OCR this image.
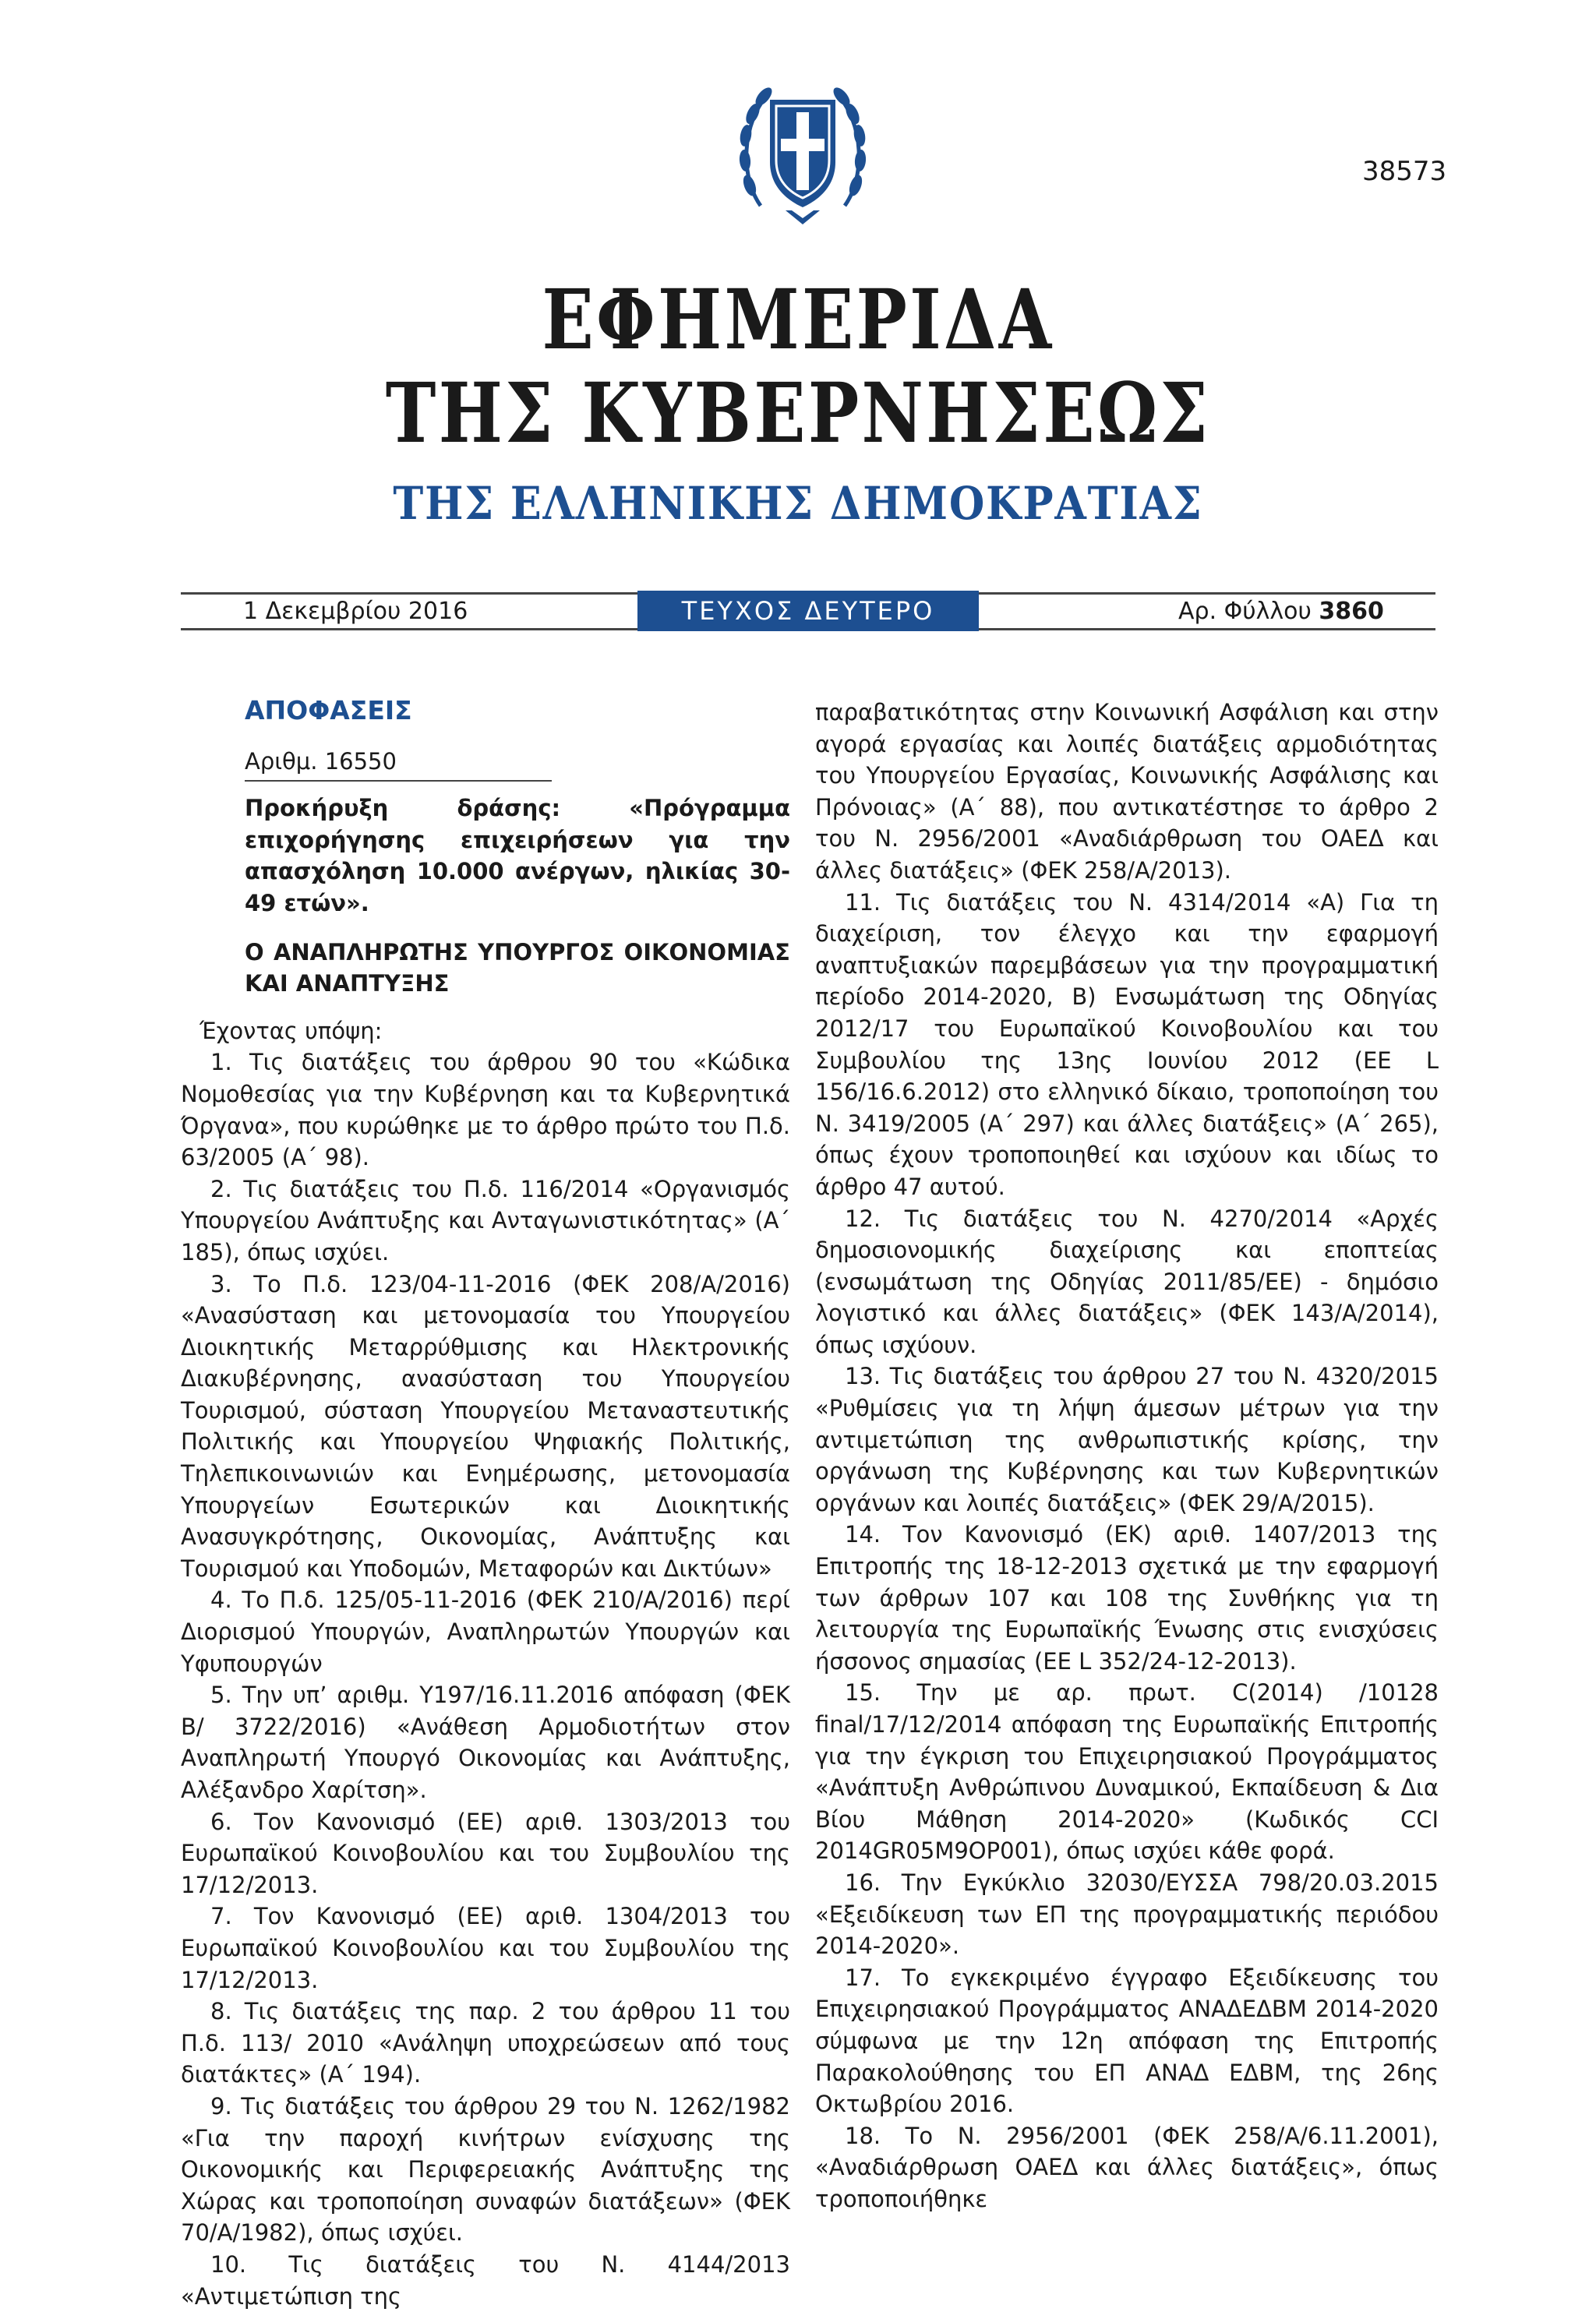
38573
ΕΦΗΜΕΡΙΔΑ
ΤΗΣ ΚΥΒΕΡΝΗΣΕΩΣ
ΤΗΣ ΕΛΛΗΝΙΚΗΣ ΔΗΜΟΚΡΑΤΙΑΣ
1 Δεκεμβρίου 2016	ΤΕΥΧΟΣ ΔΕΥΤΕΡΟ	Αρ. Φύλλου 3860

ΑΠΟΦΑΣΕΙΣ

Αριθμ. 16550

Προκήρυξη δράσης: «Πρόγραμμα επιχορήγησης επιχειρήσεων για την απασχόληση 10.000 ανέργων, ηλικίας 30-49 ετών».

Ο ΑΝΑΠΛΗΡΩΤΗΣ ΥΠΟΥΡΓΟΣ ΟΙΚΟΝΟΜΙΑΣ ΚΑΙ ΑΝΑΠΤΥΞΗΣ

Έχοντας υπόψη:

1. Τις διατάξεις του άρθρου 90 του «Κώδικα Νομοθεσίας για την Κυβέρνηση και τα Κυβερνητικά Όργανα», που κυρώθηκε με το άρθρο πρώτο του Π.δ. 63/2005 (Α΄ 98).

2. Τις διατάξεις του Π.δ. 116/2014 «Οργανισμός Υπουργείου Ανάπτυξης και Ανταγωνιστικότητας» (Α΄ 185), όπως ισχύει.

3. Το Π.δ. 123/04-11-2016 (ΦΕΚ 208/Α/2016) «Ανασύσταση και μετονομασία του Υπουργείου Διοικητικής Μεταρρύθμισης και Ηλεκτρονικής Διακυβέρνησης, ανασύσταση του Υπουργείου Τουρισμού, σύσταση Υπουργείου Μεταναστευτικής Πολιτικής και Υπουργείου Ψηφιακής Πολιτικής, Τηλεπικοινωνιών και Ενημέρωσης, μετονομασία Υπουργείων Εσωτερικών και Διοικητικής Ανασυγκρότησης, Οικονομίας, Ανάπτυξης και Τουρισμού και Υποδομών, Μεταφορών και Δικτύων»

4. Το Π.δ. 125/05-11-2016 (ΦΕΚ 210/Α/2016) περί Διορισμού Υπουργών, Αναπληρωτών Υπουργών και Υφυπουργών

5. Την υπ’ αριθμ. Υ197/16.11.2016 απόφαση (ΦΕΚ Β/ 3722/2016) «Ανάθεση Αρμοδιοτήτων στον Αναπληρωτή Υπουργό Οικονομίας και Ανάπτυξης, Αλέξανδρο Χαρίτση».

6. Τον Κανονισμό (ΕΕ) αριθ. 1303/2013 του Ευρωπαϊκού Κοινοβουλίου και του Συμβουλίου της 17/12/2013.

7. Τον Κανονισμό (ΕΕ) αριθ. 1304/2013 του Ευρωπαϊκού Κοινοβουλίου και του Συμβουλίου της 17/12/2013.

8. Τις διατάξεις της παρ. 2 του άρθρου 11 του Π.δ. 113/ 2010 «Ανάληψη υποχρεώσεων από τους διατάκτες» (Α΄ 194).

9. Τις διατάξεις του άρθρου 29 του Ν. 1262/1982 «Για την παροχή κινήτρων ενίσχυσης της Οικονομικής και Περιφερειακής Ανάπτυξης της Χώρας και τροποποίηση συναφών διατάξεων» (ΦΕΚ 70/Α/1982), όπως ισχύει.

10. Τις διατάξεις του Ν. 4144/2013 «Αντιμετώπιση της

παραβατικότητας στην Κοινωνική Ασφάλιση και στην αγορά εργασίας και λοιπές διατάξεις αρμοδιότητας του Υπουργείου Εργασίας, Κοινωνικής Ασφάλισης και Πρόνοιας» (Α΄ 88), που αντικατέστησε το άρθρο 2 του Ν. 2956/2001 «Αναδιάρθρωση του ΟΑΕΔ και άλλες διατάξεις» (ΦΕΚ 258/Α/2013).

11. Τις διατάξεις του Ν. 4314/2014 «Α) Για τη διαχείριση, τον έλεγχο και την εφαρμογή αναπτυξιακών παρεμβάσεων για την προγραμματική περίοδο 2014-2020, Β) Ενσωμάτωση της Οδηγίας 2012/17 του Ευρωπαϊκού Κοινοβουλίου και του Συμβουλίου της 13ης Ιουνίου 2012 (EE L 156/16.6.2012) στο ελληνικό δίκαιο, τροποποίηση του Ν. 3419/2005 (Α΄ 297) και άλλες διατάξεις» (Α΄ 265), όπως έχουν τροποποιηθεί και ισχύουν και ιδίως το άρθρο 47 αυτού.

12. Τις διατάξεις του Ν. 4270/2014 «Αρχές δημοσιονομικής διαχείρισης και εποπτείας (ενσωμάτωση της Οδηγίας 2011/85/ΕΕ) - δημόσιο λογιστικό και άλλες διατάξεις» (ΦΕΚ 143/Α/2014), όπως ισχύουν.

13. Τις διατάξεις του άρθρου 27 του Ν. 4320/2015 «Ρυθμίσεις για τη λήψη άμεσων μέτρων για την αντιμετώπιση της ανθρωπιστικής κρίσης, την οργάνωση της Κυβέρνησης και των Κυβερνητικών οργάνων και λοιπές διατάξεις» (ΦΕΚ 29/Α/2015).

14. Τον Κανονισμό (ΕΚ) αριθ. 1407/2013 της Επιτροπής της 18-12-2013 σχετικά με την εφαρμογή των άρθρων 107 και 108 της Συνθήκης για τη λειτουργία της Ευρωπαϊκής Ένωσης στις ενισχύσεις ήσσονος σημασίας (ΕΕ L 352/24-12-2013).

15. Την με αρ. πρωτ. C(2014) /10128 final/17/12/2014 απόφαση της Ευρωπαϊκής Επιτροπής για την έγκριση του Επιχειρησιακού Προγράμματος «Ανάπτυξη Ανθρώπινου Δυναμικού, Εκπαίδευση & Δια Βίου Μάθηση 2014-2020» (Κωδικός CCI 2014GR05M9OP001), όπως ισχύει κάθε φορά.

16. Την Εγκύκλιο 32030/ΕΥΣΣΑ 798/20.03.2015 «Εξειδίκευση των ΕΠ της προγραμματικής περιόδου 2014-2020».

17. Το εγκεκριμένο έγγραφο Εξειδίκευσης του Επιχειρησιακού Προγράμματος ΑΝΑΔΕΔΒΜ 2014-2020 σύμφωνα με την 12η απόφαση της Επιτροπής Παρακολούθησης του ΕΠ ΑΝΑΔ ΕΔΒΜ, της 26ης Οκτωβρίου 2016.

18. Το Ν. 2956/2001 (ΦΕΚ 258/Α/6.11.2001), «Αναδιάρθρωση ΟΑΕΔ και άλλες διατάξεις», όπως τροποποιήθηκε
